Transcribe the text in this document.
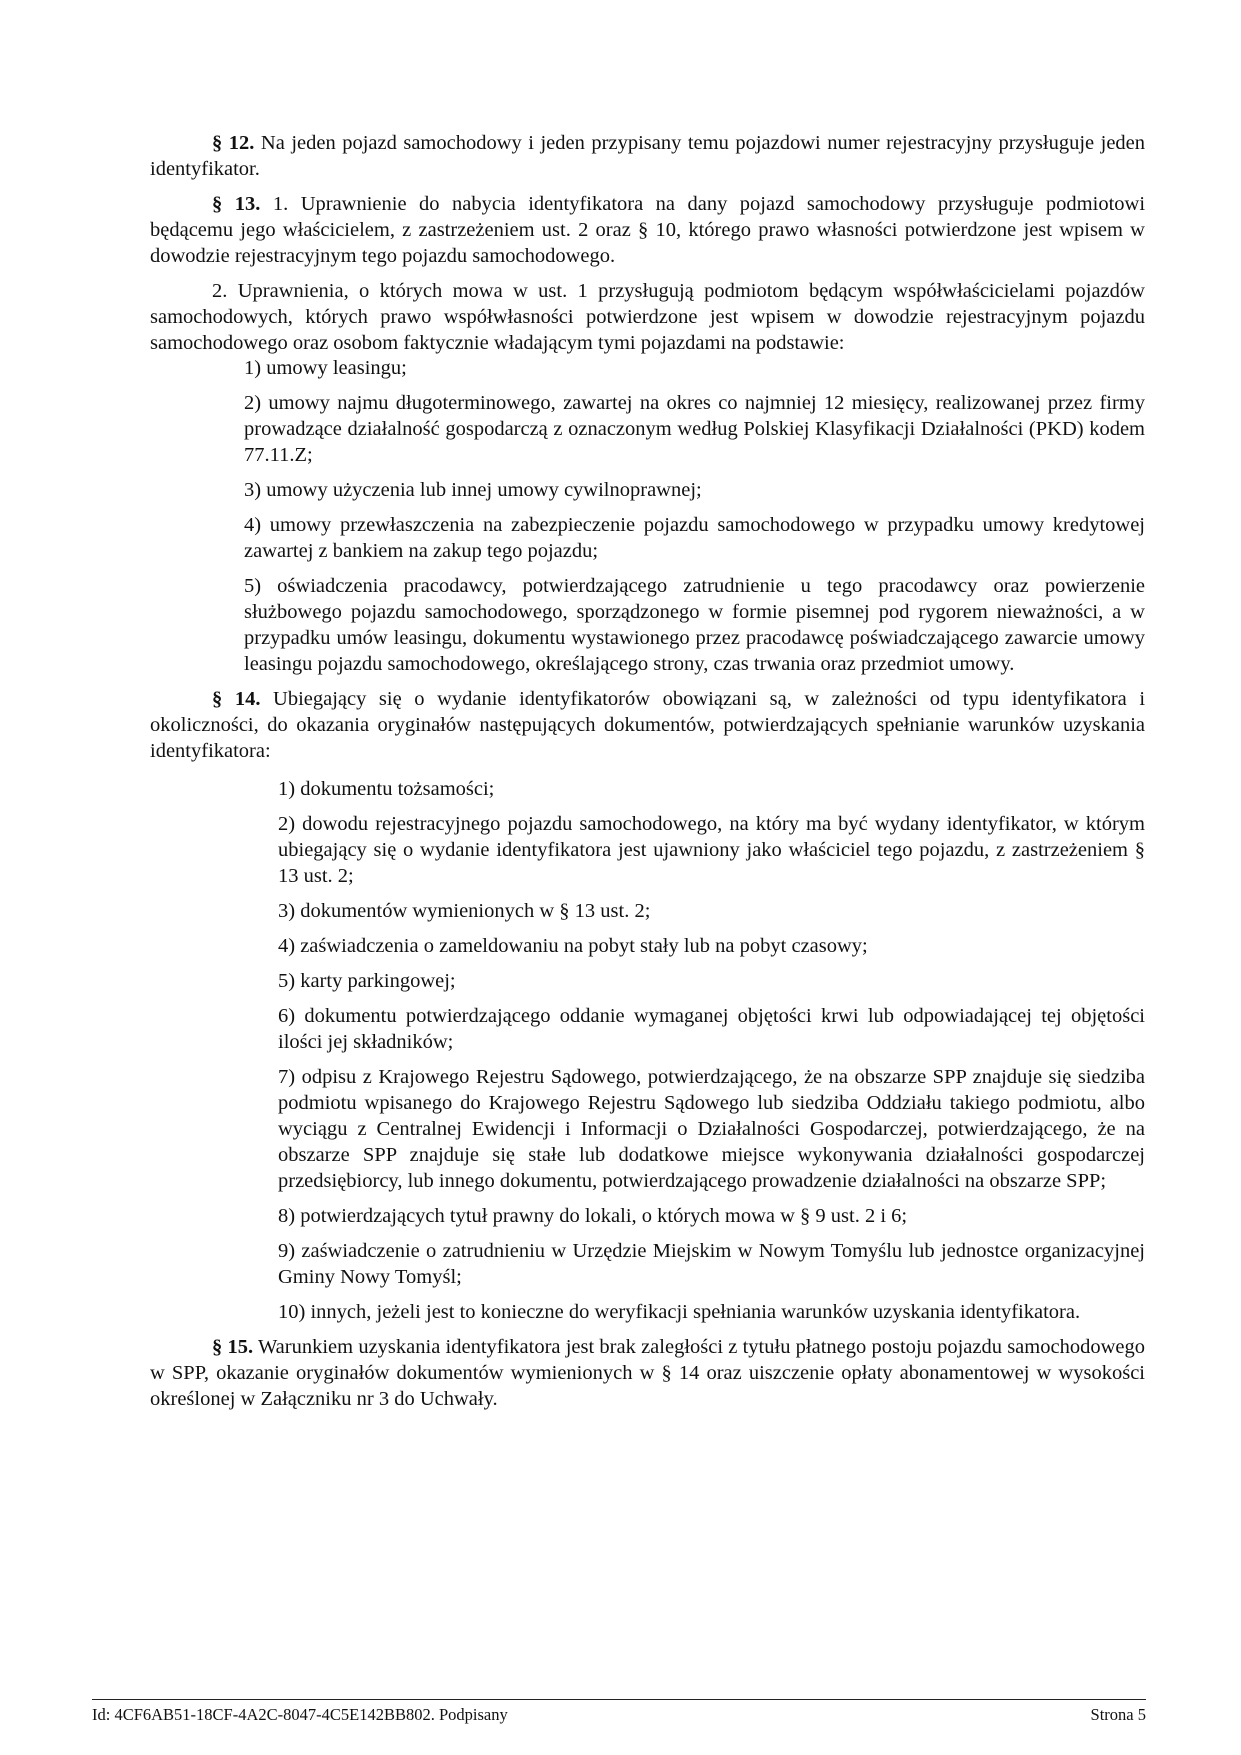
§ 12. Na jeden pojazd samochodowy i jeden przypisany temu pojazdowi numer rejestracyjny przysługuje jeden identyfikator.

§ 13. 1. Uprawnienie do nabycia identyfikatora na dany pojazd samochodowy przysługuje podmiotowi będącemu jego właścicielem, z zastrzeżeniem ust. 2 oraz § 10, którego prawo własności potwierdzone jest wpisem w dowodzie rejestracyjnym tego pojazdu samochodowego.

2. Uprawnienia, o których mowa w ust. 1 przysługują podmiotom będącym współwłaścicielami pojazdów samochodowych, których prawo współwłasności potwierdzone jest wpisem w dowodzie rejestracyjnym pojazdu samochodowego oraz osobom faktycznie władającym tymi pojazdami na podstawie:

1) umowy leasingu;

2) umowy najmu długoterminowego, zawartej na okres co najmniej 12 miesięcy, realizowanej przez firmy prowadzące działalność gospodarczą z oznaczonym według Polskiej Klasyfikacji Działalności (PKD) kodem 77.11.Z;

3) umowy użyczenia lub innej umowy cywilnoprawnej;

4) umowy przewłaszczenia na zabezpieczenie pojazdu samochodowego w przypadku umowy kredytowej zawartej z bankiem na zakup tego pojazdu;

5) oświadczenia pracodawcy, potwierdzającego zatrudnienie u tego pracodawcy oraz powierzenie służbowego pojazdu samochodowego, sporządzonego w formie pisemnej pod rygorem nieważności, a w przypadku umów leasingu, dokumentu wystawionego przez pracodawcę poświadczającego zawarcie umowy leasingu pojazdu samochodowego, określającego strony, czas trwania oraz przedmiot umowy.

§ 14. Ubiegający się o wydanie identyfikatorów obowiązani są, w zależności od typu identyfikatora i okoliczności, do okazania oryginałów następujących dokumentów, potwierdzających spełnianie warunków uzyskania identyfikatora:

1) dokumentu tożsamości;

2) dowodu rejestracyjnego pojazdu samochodowego, na który ma być wydany identyfikator, w którym ubiegający się o wydanie identyfikatora jest ujawniony jako właściciel tego pojazdu, z zastrzeżeniem § 13 ust. 2;

3) dokumentów wymienionych w § 13 ust. 2;

4) zaświadczenia o zameldowaniu na pobyt stały lub na pobyt czasowy;

5) karty parkingowej;

6) dokumentu potwierdzającego oddanie wymaganej objętości krwi lub odpowiadającej tej objętości ilości jej składników;

7) odpisu z Krajowego Rejestru Sądowego, potwierdzającego, że na obszarze SPP znajduje się siedziba podmiotu wpisanego do Krajowego Rejestru Sądowego lub siedziba Oddziału takiego podmiotu, albo wyciągu z Centralnej Ewidencji i Informacji o Działalności Gospodarczej, potwierdzającego, że na obszarze SPP znajduje się stałe lub dodatkowe miejsce wykonywania działalności gospodarczej przedsiębiorcy, lub innego dokumentu, potwierdzającego prowadzenie działalności na obszarze SPP;

8) potwierdzających tytuł prawny do lokali, o których mowa w § 9 ust. 2 i 6;

9) zaświadczenie o zatrudnieniu w Urzędzie Miejskim w Nowym Tomyślu lub jednostce organizacyjnej Gminy Nowy Tomyśl;

10) innych, jeżeli jest to konieczne do weryfikacji spełniania warunków uzyskania identyfikatora.

§ 15. Warunkiem uzyskania identyfikatora jest brak zaległości z tytułu płatnego postoju pojazdu samochodowego w SPP, okazanie oryginałów dokumentów wymienionych w § 14 oraz uiszczenie opłaty abonamentowej w wysokości określonej w Załączniku nr 3 do Uchwały.

Id: 4CF6AB51-18CF-4A2C-8047-4C5E142BB802. Podpisany	Strona 5
